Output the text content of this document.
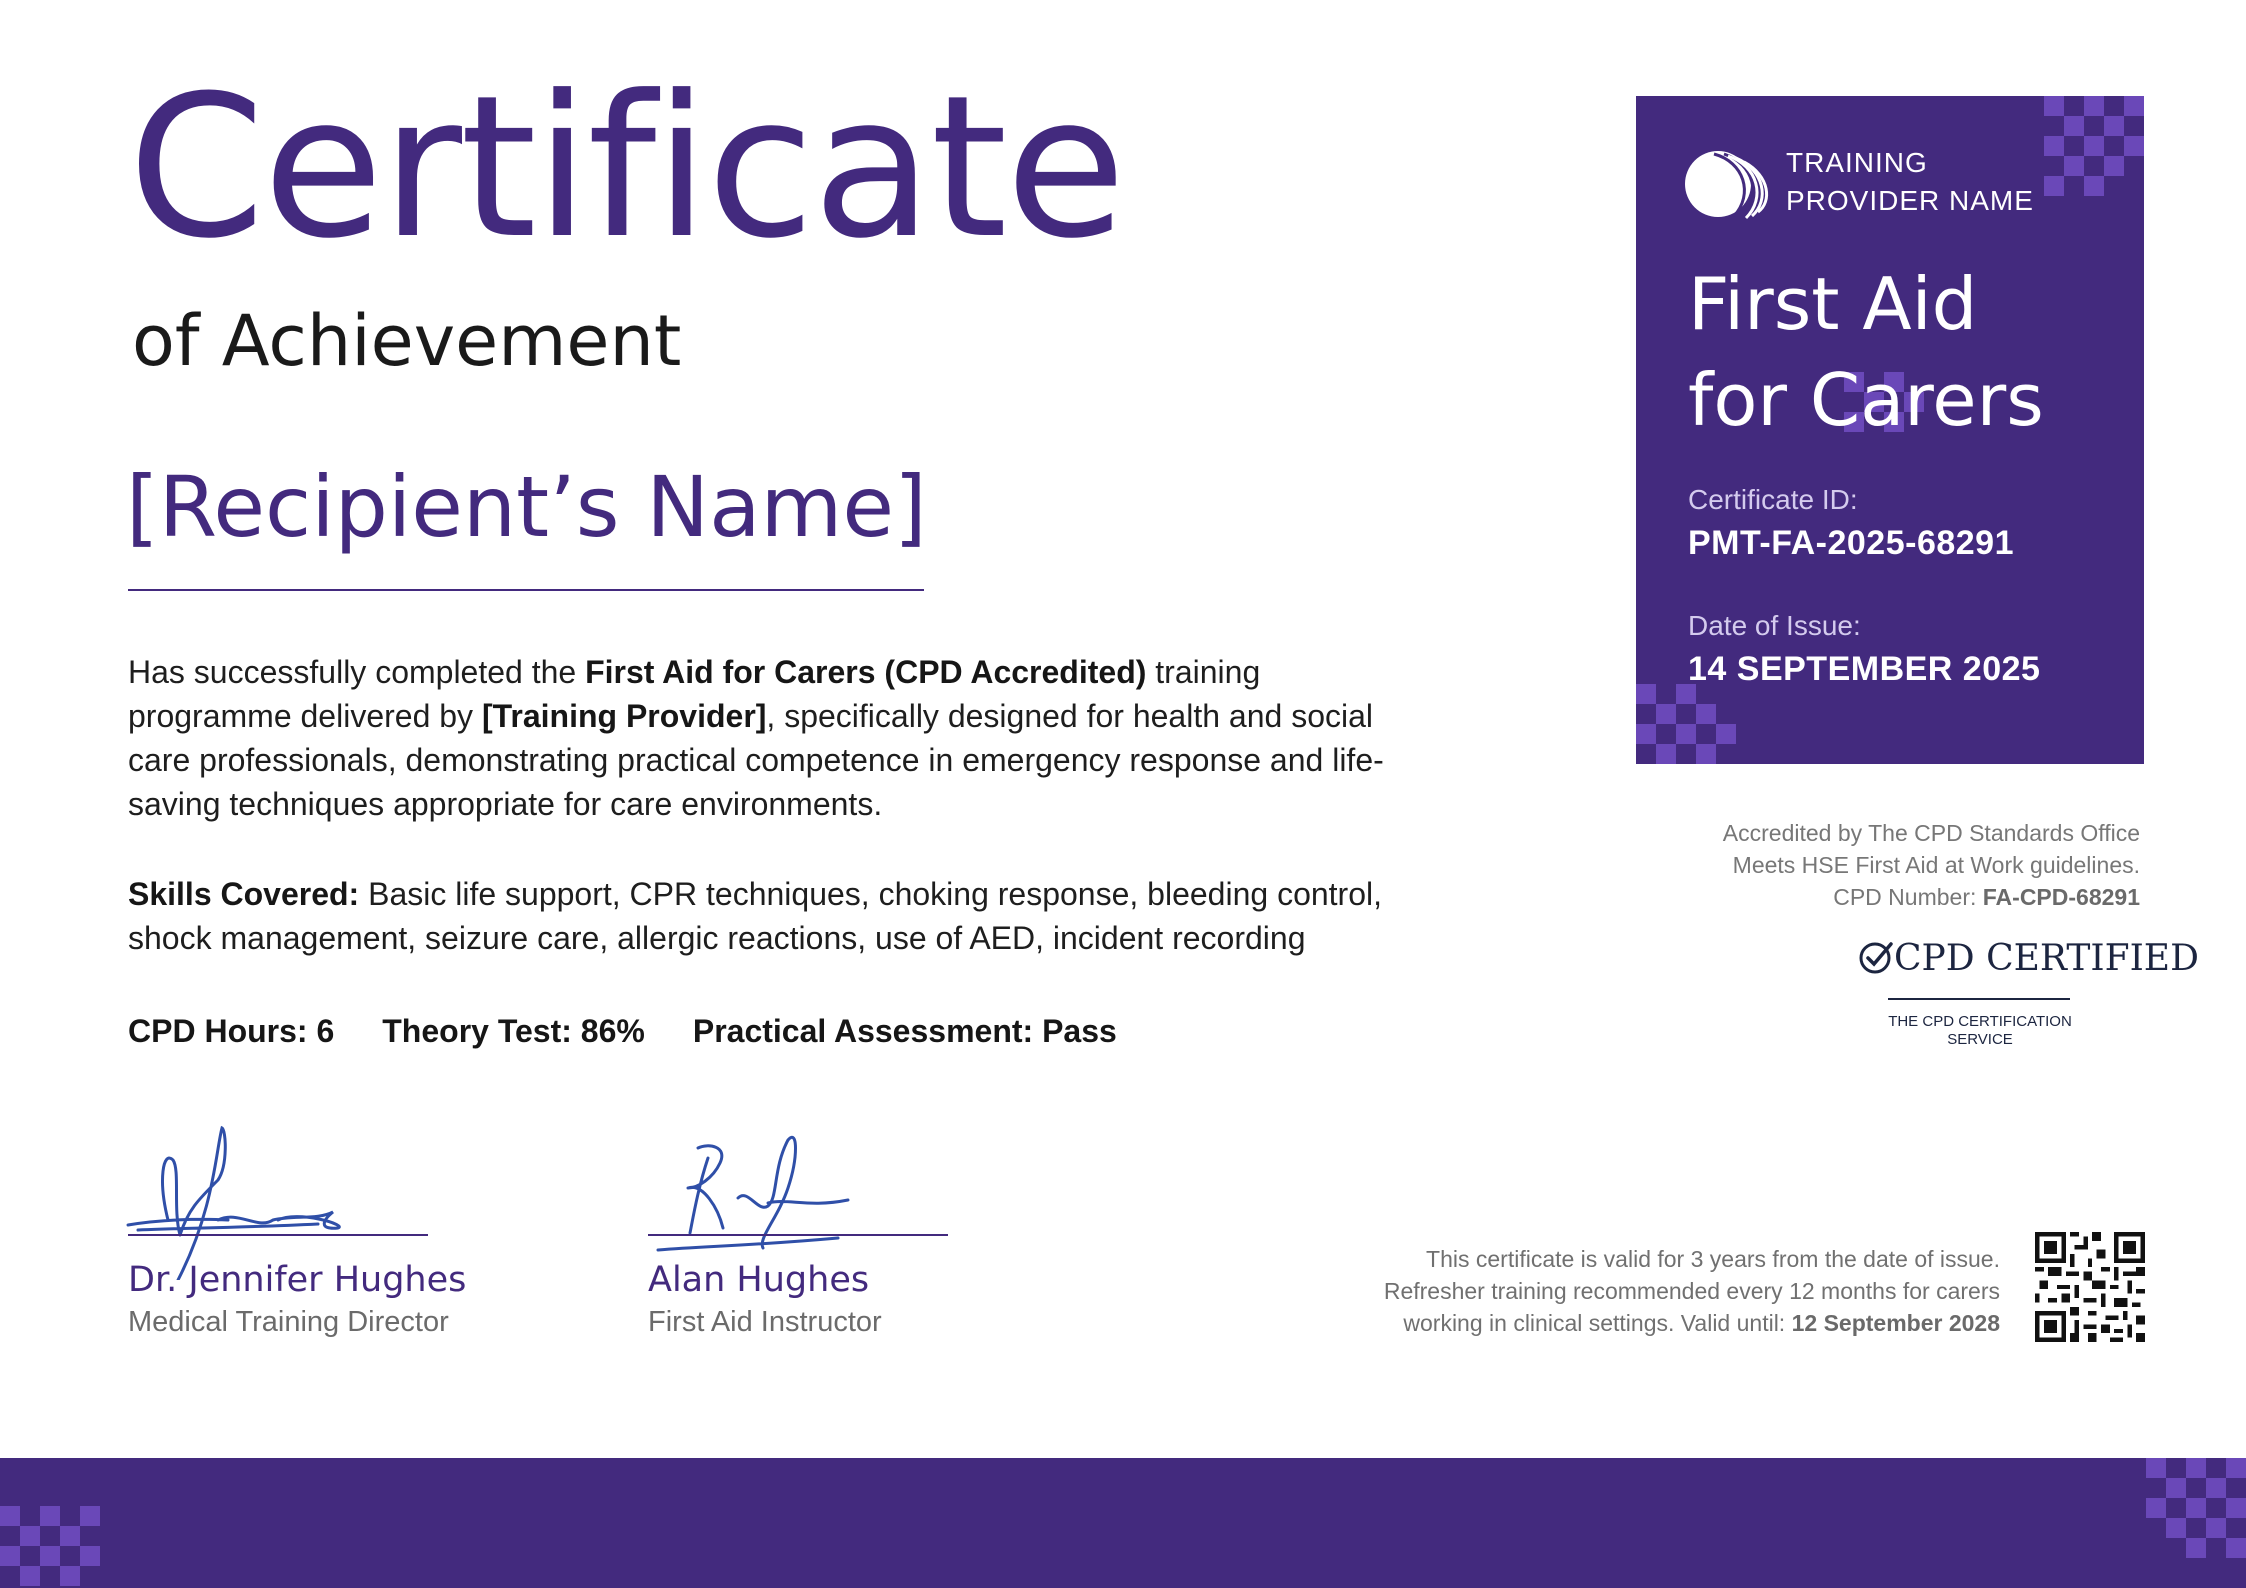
Certificate
of Achievement
[Recipient’s Name]
Has successfully completed the First Aid for Carers (CPD Accredited) training programme delivered by [Training Provider], specifically designed for health and social care professionals, demonstrating practical competence in emergency response and life-saving techniques appropriate for care environments.
Skills Covered: Basic life support, CPR techniques, choking response, bleeding control, shock management, seizure care, allergic reactions, use of AED, incident recording
CPD Hours: 6 Theory Test: 86% Practical Assessment: Pass
Dr. Jennifer Hughes
Medical Training Director
Alan Hughes
First Aid Instructor
TRAINING
PROVIDER NAME
First Aid
for Carers
Certificate ID:
PMT-FA-2025-68291
Date of Issue:
14 SEPTEMBER 2025
Accredited by The CPD Standards Office
Meets HSE First Aid at Work guidelines.
CPD Number: FA-CPD-68291
CPD CERTIFIED
THE CPD CERTIFICATION SERVICE
This certificate is valid for 3 years from the date of issue.
Refresher training recommended every 12 months for carers
working in clinical settings. Valid until: 12 September 2028
